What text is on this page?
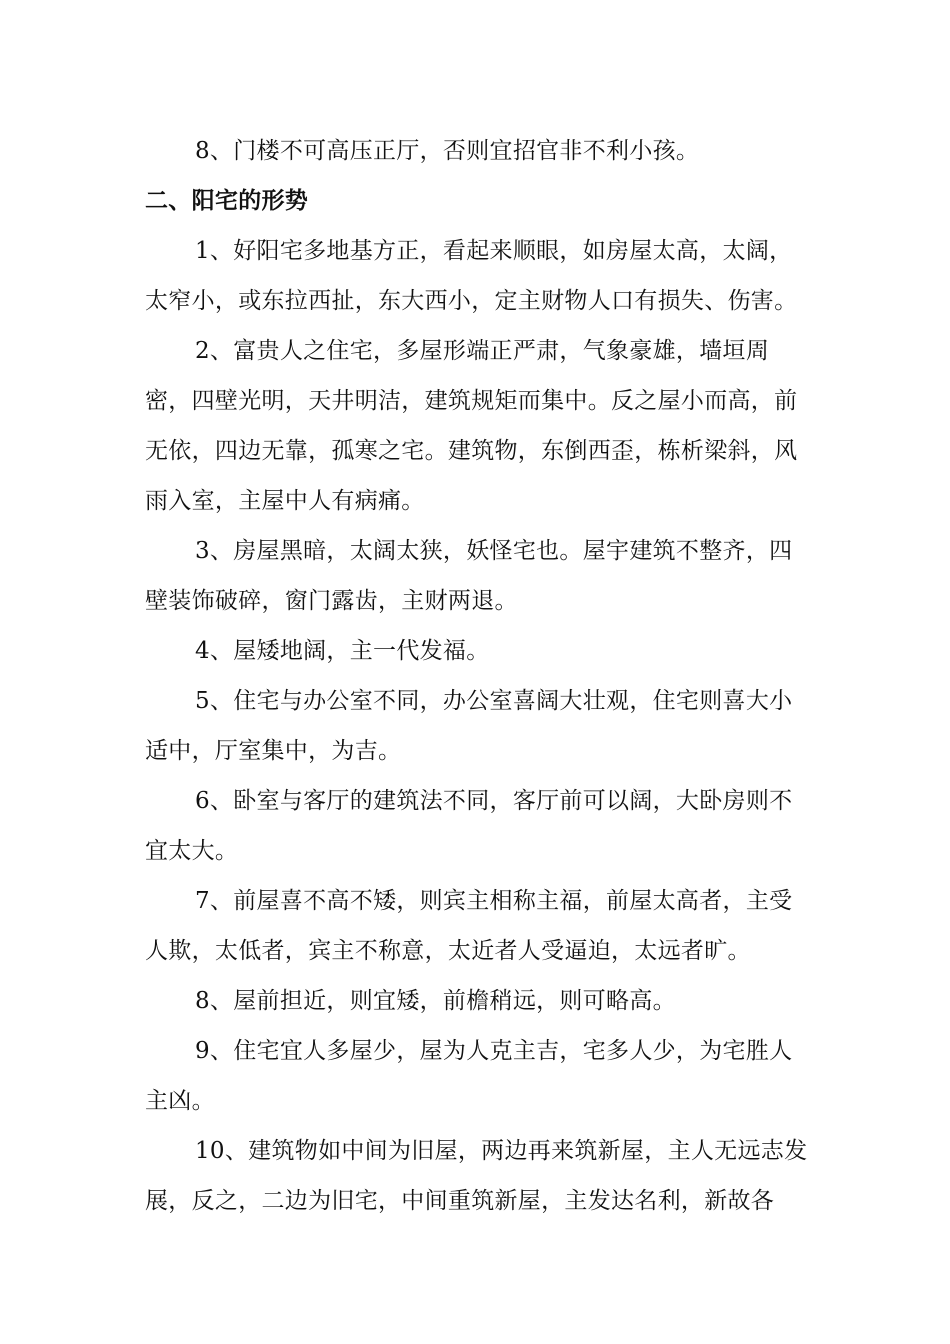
8、门楼不可高压正厅，否则宜招官非不利小孩。

二、阳宅的形势

1、好阳宅多地基方正，看起来顺眼，如房屋太高，太阔，太窄小，或东拉西扯，东大西小，定主财物人口有损失、伤害。

2、富贵人之住宅，多屋形端正严肃，气象豪雄，墙垣周密，四壁光明，天井明洁，建筑规矩而集中。反之屋小而高，前无依，四边无靠，孤寒之宅。建筑物，东倒西歪，栋析梁斜，风雨入室，主屋中人有病痛。

3、房屋黑暗，太阔太狭，妖怪宅也。屋宇建筑不整齐，四壁装饰破碎，窗门露齿，主财两退。

4、屋矮地阔，主一代发福。

5、住宅与办公室不同，办公室喜阔大壮观，住宅则喜大小适中，厅室集中，为吉。

6、卧室与客厅的建筑法不同，客厅前可以阔，大卧房则不宜太大。

7、前屋喜不高不矮，则宾主相称主福，前屋太高者，主受人欺，太低者，宾主不称意，太近者人受逼迫，太远者旷。

8、屋前担近，则宜矮，前檐稍远，则可略高。

9、住宅宜人多屋少，屋为人克主吉，宅多人少，为宅胜人主凶。

10、建筑物如中间为旧屋，两边再来筑新屋，主人无远志发展，反之，二边为旧宅，中间重筑新屋，主发达名利，新故各
